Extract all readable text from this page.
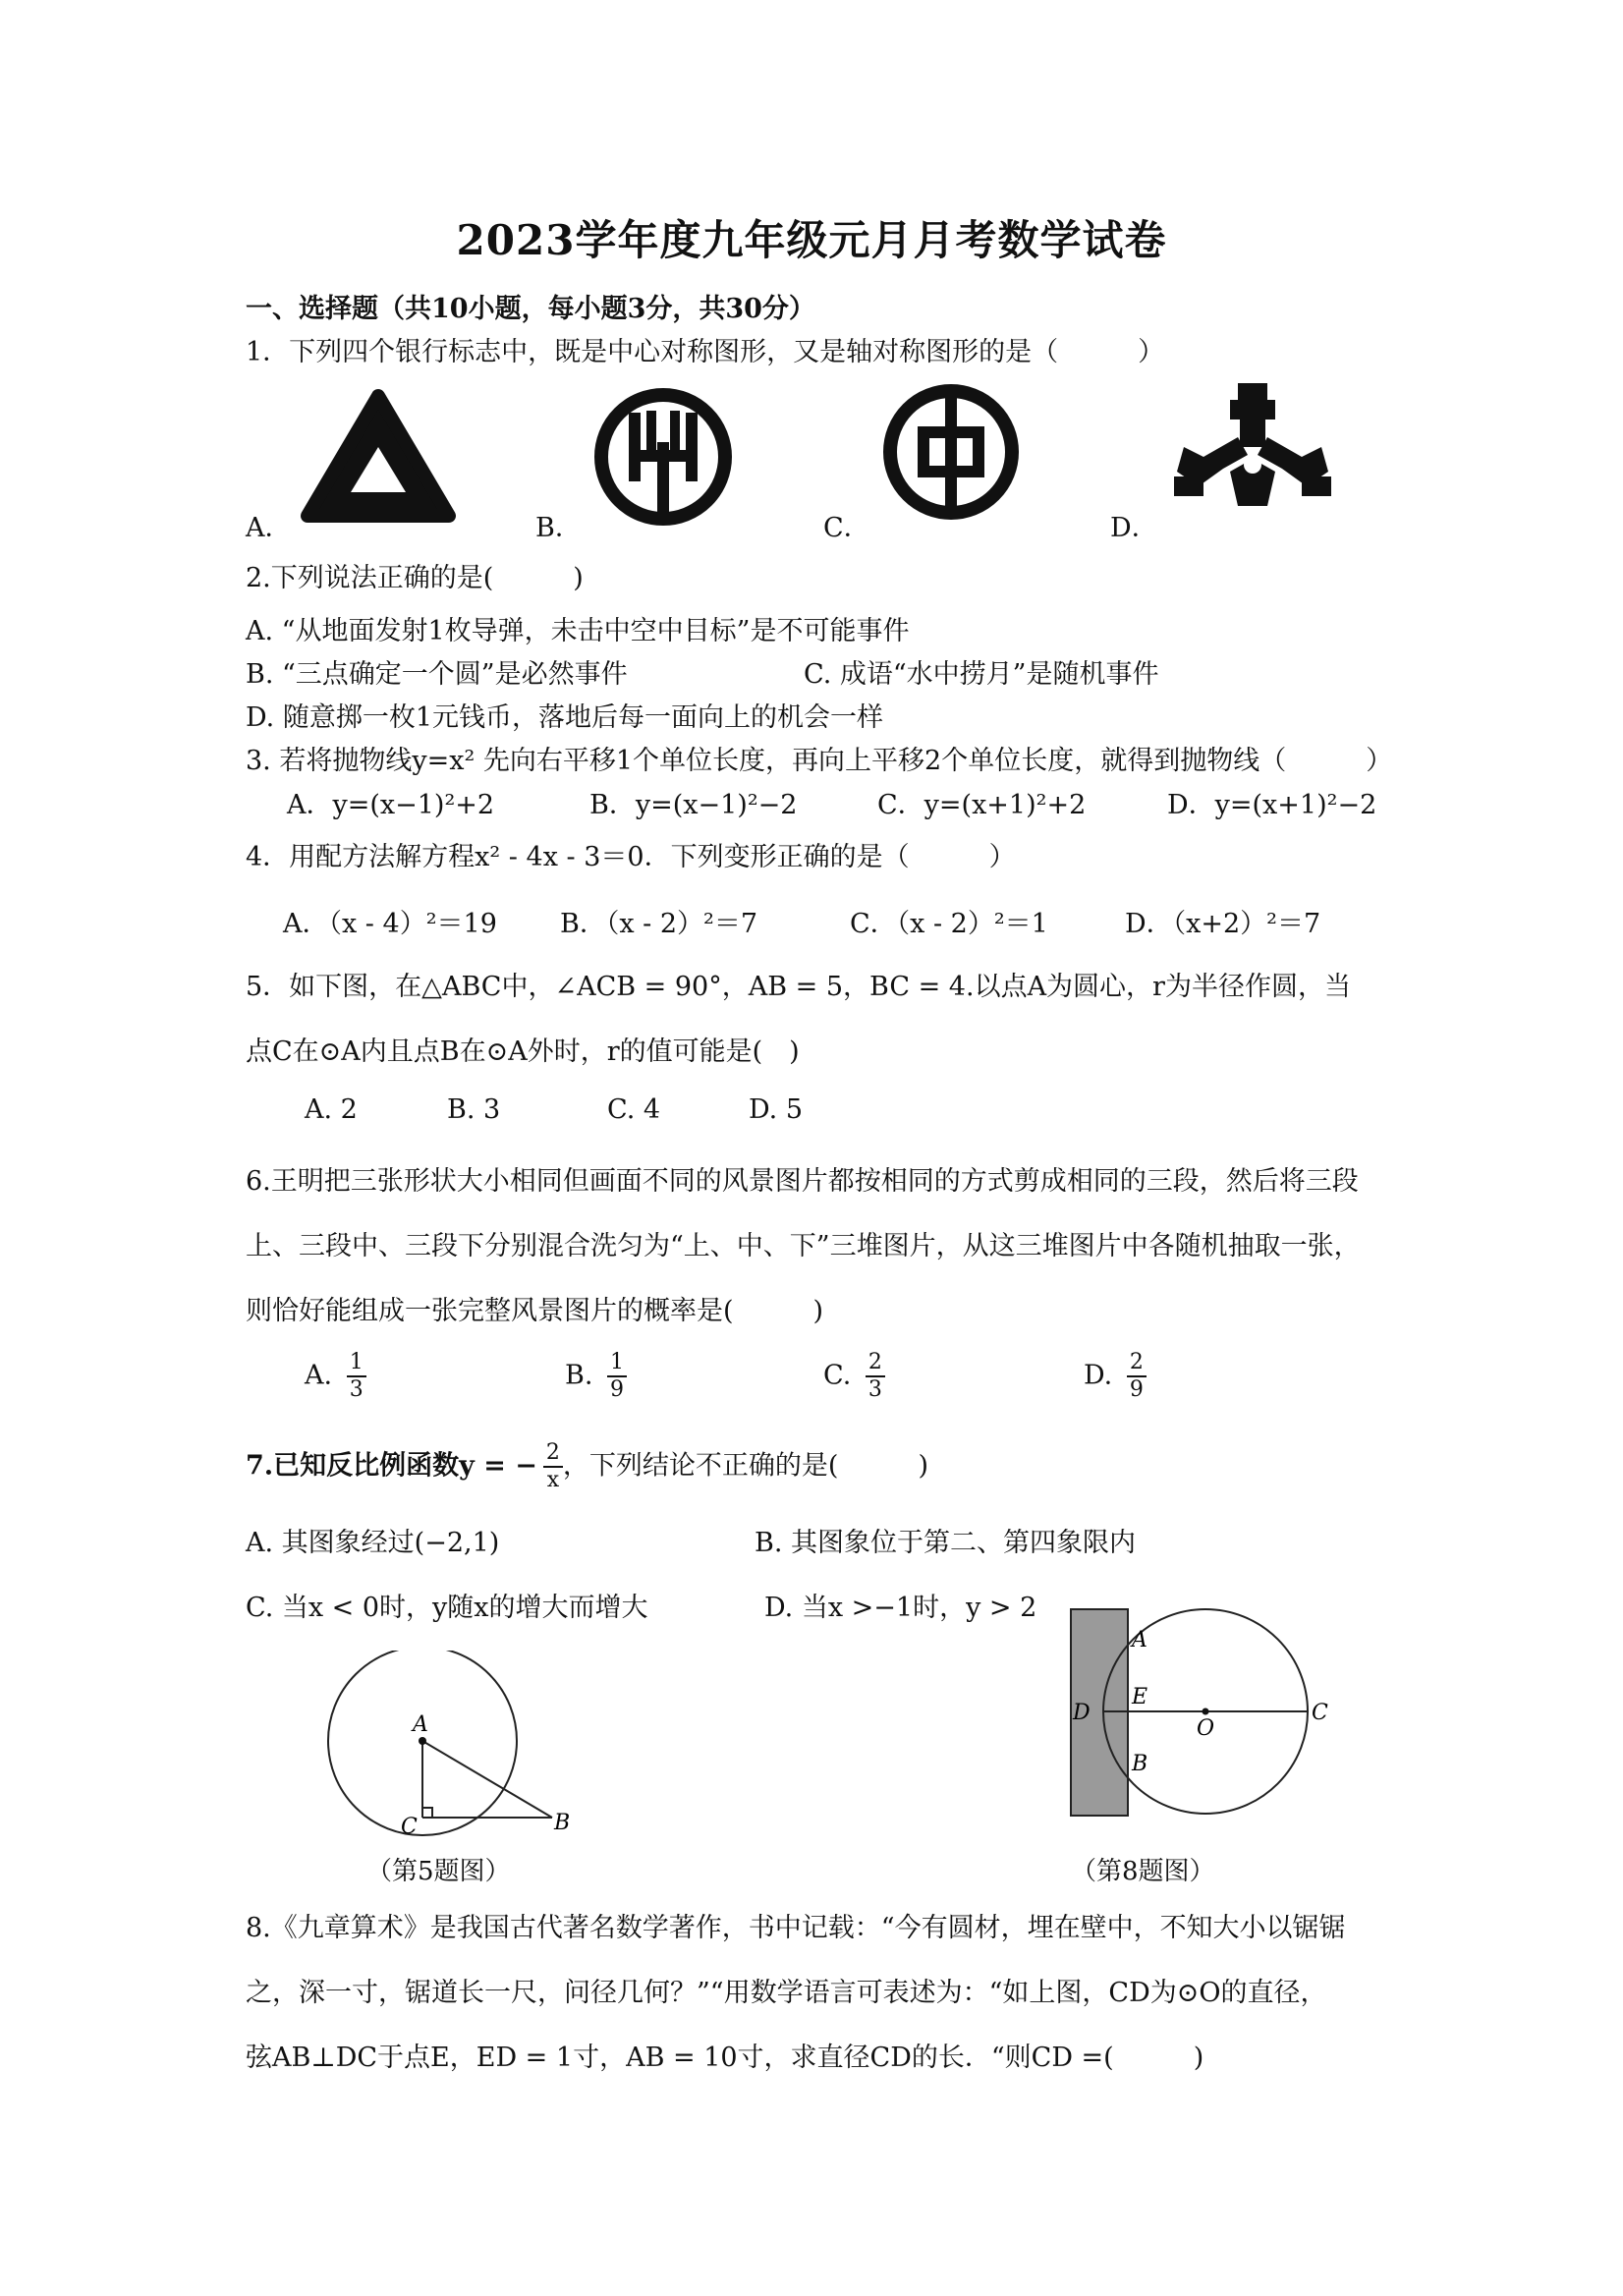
2023学年度九年级元月月考数学试卷
一、选择题（共10小题，每小题3分，共30分）
1．下列四个银行标志中，既是中心对称图形，又是轴对称图形的是（　　　）
A．	B．	C．	D．
2.下列说法正确的是(　　　)
A. “从地面发射1枚导弹，未击中空中目标”是不可能事件
B. “三点确定一个圆”是必然事件	C. 成语“水中捞月”是随机事件
D. 随意掷一枚1元钱币，落地后每一面向上的机会一样
3. 若将抛物线y=x² 先向右平移1个单位长度，再向上平移2个单位长度，就得到抛物线（　　　）
A．y=(x−1)²+2	B．y=(x−1)²−2	C．y=(x+1)²+2	D．y=(x+1)²−2
4．用配方法解方程x² - 4x - 3＝0．下列变形正确的是（　　　）
A．（x - 4）²＝19 B．（x - 2）²＝7	C．（x - 2）²＝1	D．（x+2）²＝7
5．如下图，在△ABC中，∠ACB = 90°，AB = 5，BC = 4.以点A为圆心，r为半径作圆，当
点C在⊙A内且点B在⊙A外时，r的值可能是(　)
A. 2	B. 3	C. 4	D. 5
6.王明把三张形状大小相同但画面不同的风景图片都按相同的方式剪成相同的三段，然后将三段
上、三段中、三段下分别混合洗匀为“上、中、下”三堆图片，从这三堆图片中各随机抽取一张，
则恰好能组成一张完整风景图片的概率是(　　　)
A. $\frac{1}{3}$	B. $\frac{1}{9}$	C. $\frac{2}{3}$	D. $\frac{2}{9}$
7.已知反比例函数y = − $\frac{2}{x}$ ，下列结论不正确的是(　　　)
A. 其图象经过(−2,1)	B. 其图象位于第二、第四象限内
C. 当x < 0时，y随x的增大而增大	D. 当x >−1时，y > 2
A
C	B
（第5题图）
A
E
D
O
C
B
（第8题图）
8.《九章算术》是我国古代著名数学著作，书中记载：“今有圆材，埋在壁中，不知大小以锯锯
之，深一寸，锯道长一尺，问径几何？”“用数学语言可表述为：“如上图，CD为⊙O的直径，
弦AB⊥DC于点E，ED = 1寸，AB = 10寸，求直径CD的长．“则CD =(　　　)
